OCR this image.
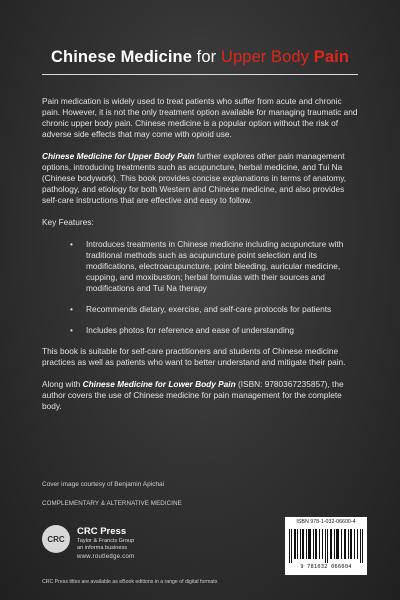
Chinese Medicine for Upper Body Pain

Pain medication is widely used to treat patients who suffer from acute and chronic pain. However, it is not the only treatment option available for managing traumatic and chronic upper body pain. Chinese medicine is a popular option without the risk of adverse side effects that may come with opioid use.

Chinese Medicine for Upper Body Pain further explores other pain management options, introducing treatments such as acupuncture, herbal medicine, and Tui Na (Chinese bodywork). This book provides concise explanations in terms of anatomy, pathology, and etiology for both Western and Chinese medicine, and also provides self-care instructions that are effective and easy to follow.

Key Features:

• Introduces treatments in Chinese medicine including acupuncture with traditional methods such as acupuncture point selection and its modifications, electroacupuncture, point bleeding, auricular medicine, cupping, and moxibustion; herbal formulas with their sources and modifications and Tui Na therapy
• Recommends dietary, exercise, and self-care protocols for patients
• Includes photos for reference and ease of understanding

This book is suitable for self-care practitioners and students of Chinese medicine practices as well as patients who want to better understand and mitigate their pain.

Along with Chinese Medicine for Lower Body Pain (ISBN: 9780367235857), the author covers the use of Chinese medicine for pain management for the complete body.

Cover image courtesy of Benjamin Apichai
COMPLEMENTARY & ALTERNATIVE MEDICINE
CRC
CRC Press
Taylor & Francis Group
an informa business
www.routledge.com
ISBN 978-1-032-06600-4
9 781032 066004
CRC Press titles are available as eBook editions in a range of digital formats
